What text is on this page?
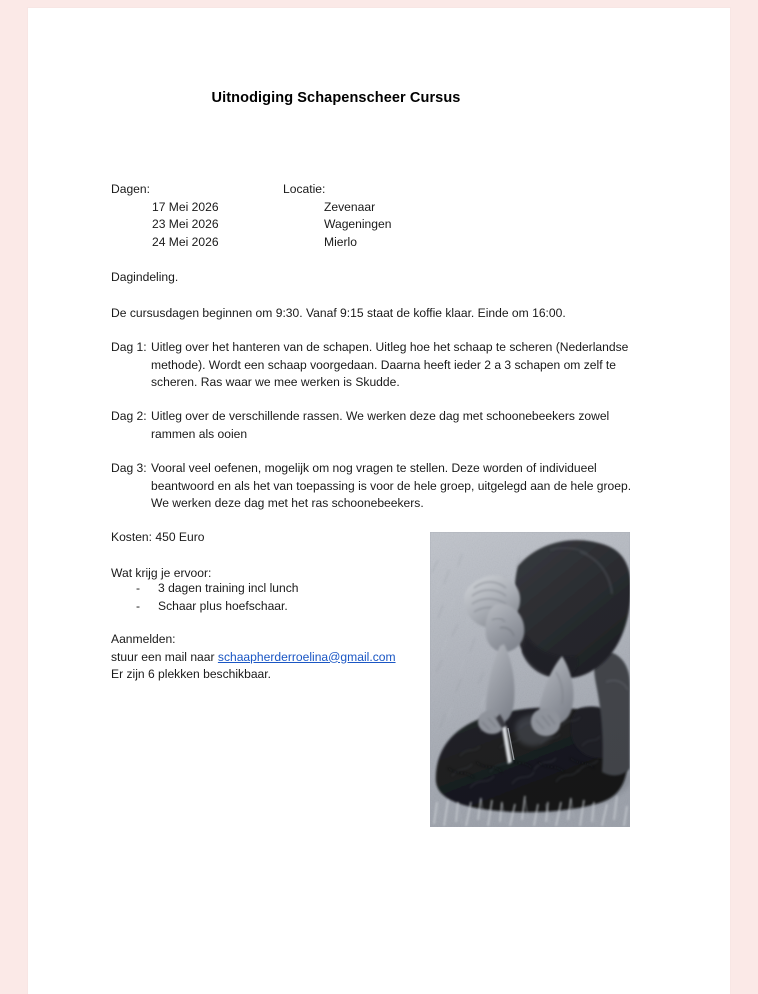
Uitnodiging Schapenscheer Cursus
Dagen:	Locatie:
17 Mei 2026	Zevenaar
23 Mei 2026	Wageningen
24 Mei 2026	Mierlo
Dagindeling.
De cursusdagen beginnen om 9:30. Vanaf 9:15 staat de koffie klaar. Einde om 16:00.
Dag 1: Uitleg over het hanteren van de schapen. Uitleg hoe het schaap te scheren (Nederlandse methode). Wordt een schaap voorgedaan. Daarna heeft ieder 2 a 3 schapen om zelf te scheren. Ras waar we mee werken is Skudde.
Dag 2: Uitleg over de verschillende rassen. We werken deze dag met schoonebeekers zowel rammen als ooien
Dag 3: Vooral veel oefenen, mogelijk om nog vragen te stellen. Deze worden of individueel beantwoord en als het van toepassing is voor de hele groep, uitgelegd aan de hele groep. We werken deze dag met het ras schoonebeekers.
Kosten: 450 Euro
Wat krijg je ervoor:
-	3 dagen training incl lunch
-	Schaar plus hoefschaar.
Aanmelden:
stuur een mail naar schaapherderroelina@gmail.com
Er zijn 6 plekken beschikbaar.
